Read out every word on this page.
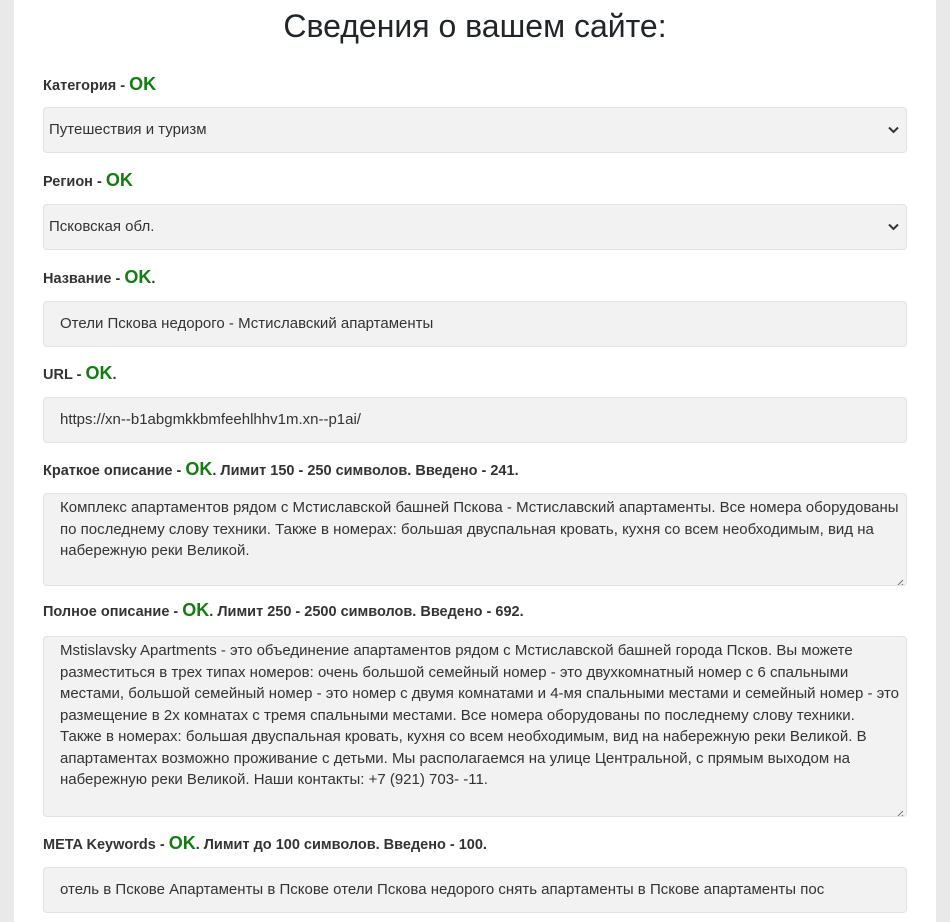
Сведения о вашем сайте:
Категория - OK
Путешествия и туризм
Регион - OK
Псковская обл.
Название - OK.
Отели Пскова недорого - Мстиславский апартаменты
URL - OK.
https://xn--b1abgmkkbmfeehlhhv1m.xn--p1ai/
Краткое описание - OK. Лимит 150 - 250 символов. Введено - 241.
Комплекс апартаментов рядом с Мстиславской башней Пскова - Мстиславский апартаменты. Все номера оборудованы по последнему слову техники. Также в номерах: большая двуспальная кровать, кухня со всем необходимым, вид на набережную реки Великой.
Полное описание - OK. Лимит 250 - 2500 символов. Введено - 692.
Mstislavsky Apartments - это объединение апартаментов рядом с Мстиславской башней города Псков. Вы можете разместиться в трех типах номеров: очень большой семейный номер - это двухкомнатный номер с 6 спальными местами, большой семейный номер - это номер с двумя комнатами и 4-мя спальными местами и семейный номер - это размещение в 2х комнатах с тремя спальными местами. Все номера оборудованы по последнему слову техники. Также в номерах: большая двуспальная кровать, кухня со всем необходимым, вид на набережную реки Великой. В апартаментах возможно проживание с детьми. Мы располагаемся на улице Центральной, с прямым выходом на набережную реки Великой. Наши контакты: +7 (921) 703- -11.
META Keywords - OK. Лимит до 100 символов. Введено - 100.
отель в Пскове Апартаменты в Пскове отели Пскова недорого снять апартаменты в Пскове апартаменты пос
